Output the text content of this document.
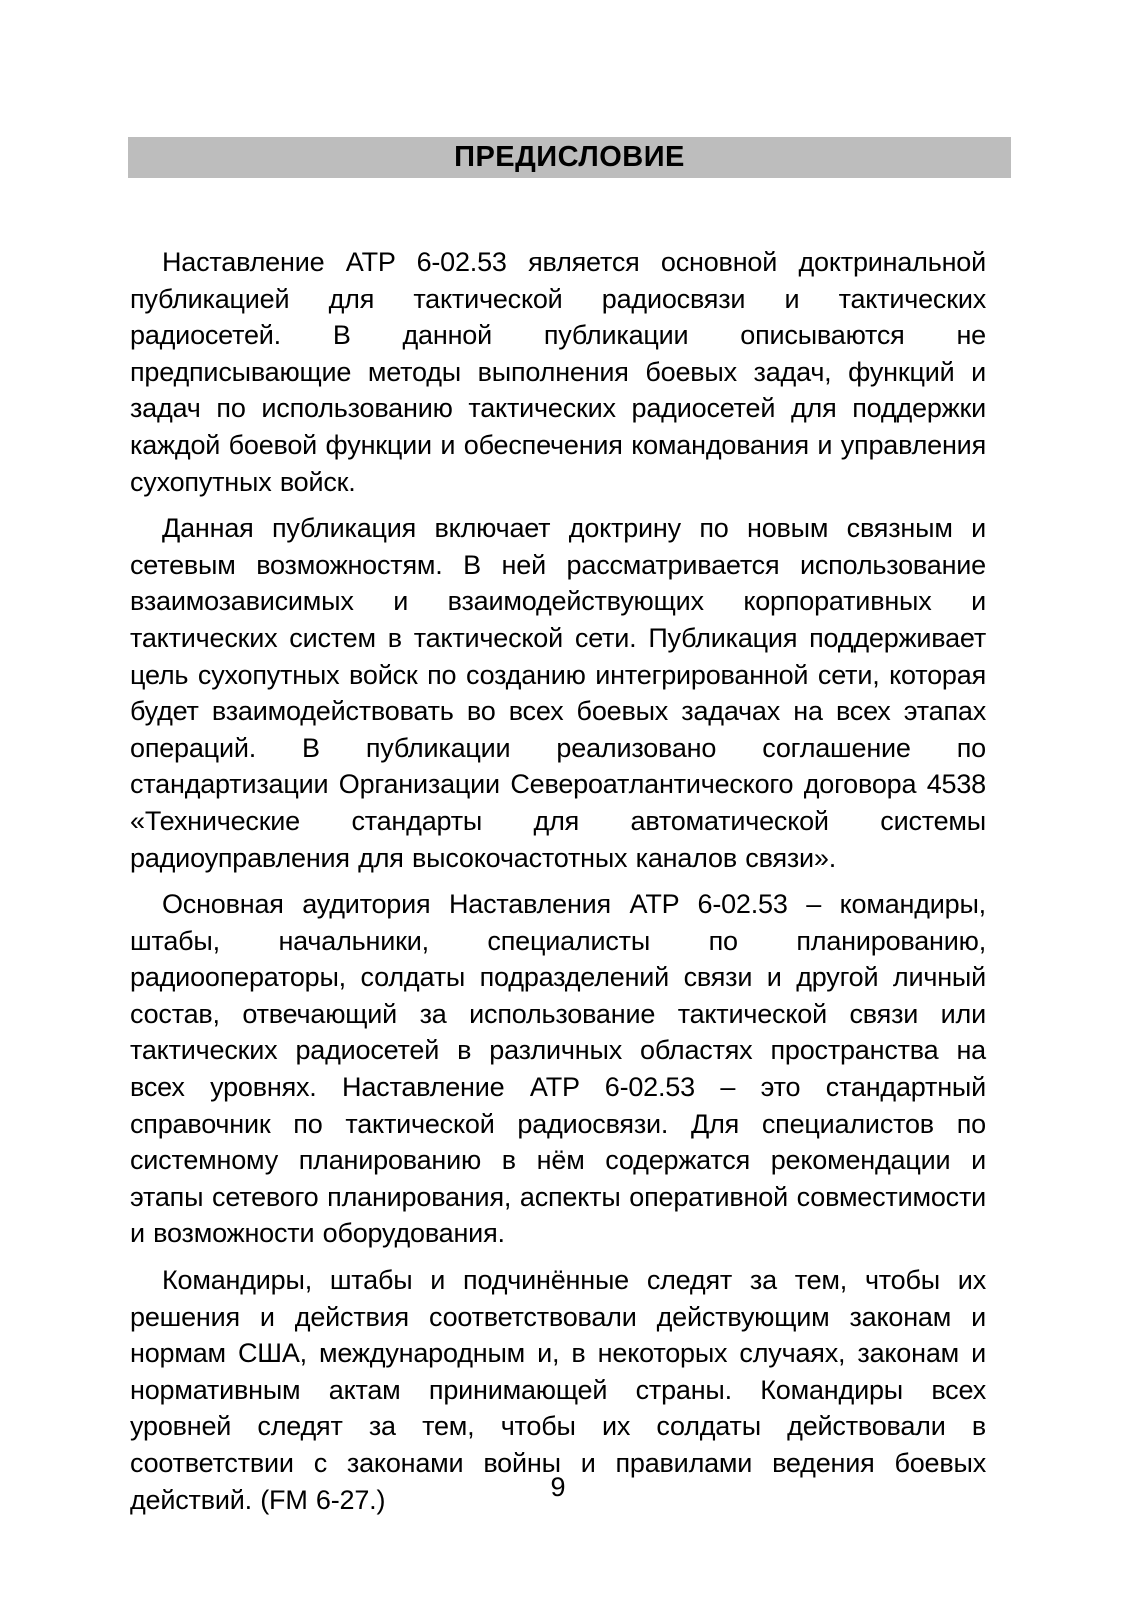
ПРЕДИСЛОВИЕ

Наставление ATP 6-02.53 является основной доктринальной публикацией для тактической радиосвязи и тактических радиосетей. В данной публикации описываются не предписывающие методы выполнения боевых задач, функций и задач по использованию тактических радиосетей для поддержки каждой боевой функции и обеспечения командования и управления сухопутных войск.

Данная публикация включает доктрину по новым связным и сетевым возможностям. В ней рассматривается использование взаимозависимых и взаимодействующих корпоративных и тактических систем в тактической сети. Публикация поддерживает цель сухопутных войск по созданию интегрированной сети, которая будет взаимодействовать во всех боевых задачах на всех этапах операций. В публикации реализовано соглашение по стандартизации Организации Североатлантического договора 4538 «Технические стандарты для автоматической системы радиоуправления для высокочастотных каналов связи».

Основная аудитория Наставления ATP 6-02.53 – командиры, штабы, начальники, специалисты по планированию, радиооператоры, солдаты подразделений связи и другой личный состав, отвечающий за использование тактической связи или тактических радиосетей в различных областях пространства на всех уровнях. Наставление ATP 6-02.53 – это стандартный справочник по тактической радиосвязи. Для специалистов по системному планированию в нём содержатся рекомендации и этапы сетевого планирования, аспекты оперативной совместимости и возможности оборудования.

Командиры, штабы и подчинённые следят за тем, чтобы их решения и действия соответствовали действующим законам и нормам США, международным и, в некоторых случаях, законам и нормативным актам принимающей страны. Командиры всех уровней следят за тем, чтобы их солдаты действовали в соответствии с законами войны и правилами ведения боевых действий. (FM 6-27.)	9
